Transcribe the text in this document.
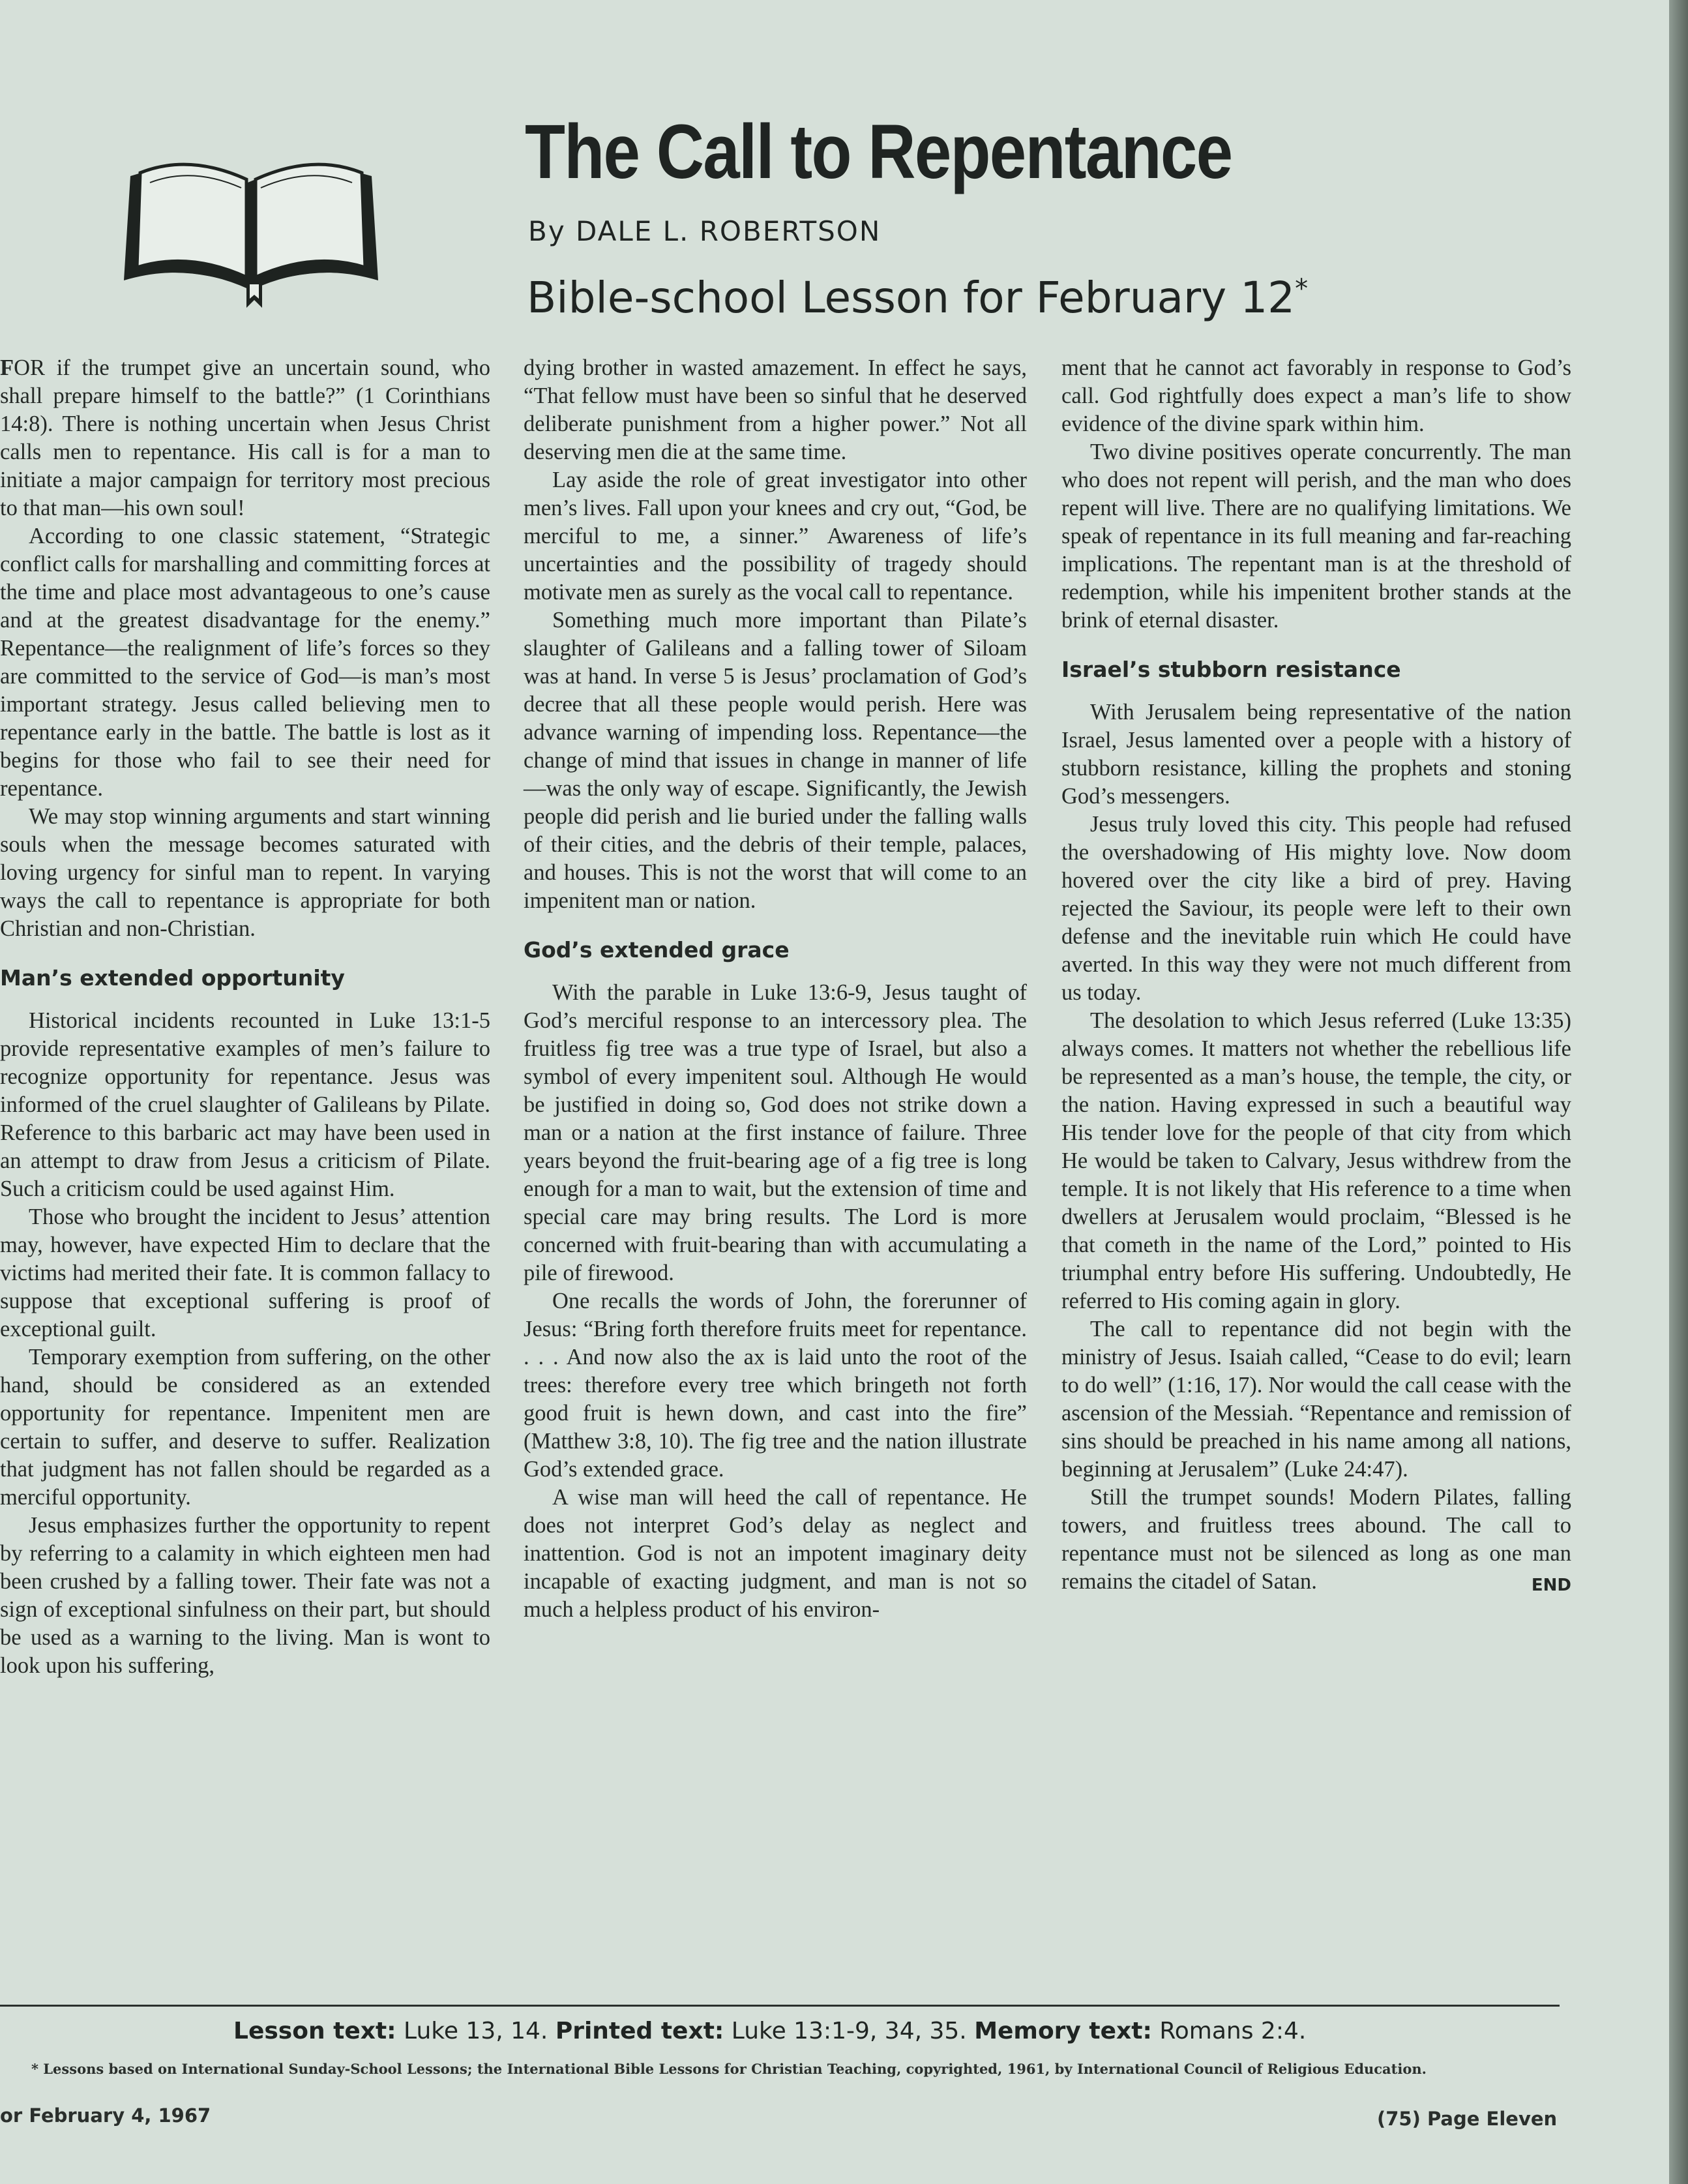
The Call to Repentance
By DALE L. ROBERTSON
Bible-school Lesson for February 12*

FOR if the trumpet give an uncertain sound, who shall prepare himself to the battle?” (1 Corinthians 14:8). There is nothing uncertain when Jesus Christ calls men to repentance. His call is for a man to initiate a major campaign for territory most precious to that man—his own soul!

According to one classic statement, “Strategic conflict calls for marshalling and committing forces at the time and place most advantageous to one’s cause and at the greatest disadvantage for the enemy.” Repentance—the realignment of life’s forces so they are committed to the service of God—is man’s most important strategy. Jesus called believing men to repentance early in the battle. The battle is lost as it begins for those who fail to see their need for repentance.

We may stop winning arguments and start winning souls when the message becomes saturated with loving urgency for sinful man to repent. In varying ways the call to repentance is appropriate for both Christian and non-Christian.

Man’s extended opportunity

Historical incidents recounted in Luke 13:1-5 provide representative examples of men’s failure to recognize opportunity for repentance. Jesus was informed of the cruel slaughter of Galileans by Pilate. Reference to this barbaric act may have been used in an attempt to draw from Jesus a criticism of Pilate. Such a criticism could be used against Him.

Those who brought the incident to Jesus’ attention may, however, have expected Him to declare that the victims had merited their fate. It is common fallacy to suppose that exceptional suffering is proof of exceptional guilt.

Temporary exemption from suffering, on the other hand, should be considered as an extended opportunity for repentance. Impenitent men are certain to suffer, and deserve to suffer. Realization that judgment has not fallen should be regarded as a merciful opportunity.

Jesus emphasizes further the opportunity to repent by referring to a calamity in which eighteen men had been crushed by a falling tower. Their fate was not a sign of exceptional sinfulness on their part, but should be used as a warning to the living. Man is wont to look upon his suffering,

dying brother in wasted amazement. In effect he says, “That fellow must have been so sinful that he deserved deliberate punishment from a higher power.” Not all deserving men die at the same time.

Lay aside the role of great investigator into other men’s lives. Fall upon your knees and cry out, “God, be merciful to me, a sinner.” Awareness of life’s uncertainties and the possibility of tragedy should motivate men as surely as the vocal call to repentance.

Something much more important than Pilate’s slaughter of Galileans and a falling tower of Siloam was at hand. In verse 5 is Jesus’ proclamation of God’s decree that all these people would perish. Here was advance warning of impending loss. Repentance—the change of mind that issues in change in manner of life—was the only way of escape. Significantly, the Jewish people did perish and lie buried under the falling walls of their cities, and the debris of their temple, palaces, and houses. This is not the worst that will come to an impenitent man or nation.

God’s extended grace

With the parable in Luke 13:6-9, Jesus taught of God’s merciful response to an intercessory plea. The fruitless fig tree was a true type of Israel, but also a symbol of every impenitent soul. Although He would be justified in doing so, God does not strike down a man or a nation at the first instance of failure. Three years beyond the fruit-bearing age of a fig tree is long enough for a man to wait, but the extension of time and special care may bring results. The Lord is more concerned with fruit-bearing than with accumulating a pile of firewood.

One recalls the words of John, the forerunner of Jesus: “Bring forth therefore fruits meet for repentance. . . . And now also the ax is laid unto the root of the trees: therefore every tree which bringeth not forth good fruit is hewn down, and cast into the fire” (Matthew 3:8, 10). The fig tree and the nation illustrate God’s extended grace.

A wise man will heed the call of repentance. He does not interpret God’s delay as neglect and inattention. God is not an impotent imaginary deity incapable of exacting judgment, and man is not so much a helpless product of his environ-

ment that he cannot act favorably in response to God’s call. God rightfully does expect a man’s life to show evidence of the divine spark within him.

Two divine positives operate concurrently. The man who does not repent will perish, and the man who does repent will live. There are no qualifying limitations. We speak of repentance in its full meaning and far-reaching implications. The repentant man is at the threshold of redemption, while his impenitent brother stands at the brink of eternal disaster.

Israel’s stubborn resistance

With Jerusalem being representative of the nation Israel, Jesus lamented over a people with a history of stubborn resistance, killing the prophets and stoning God’s messengers.

Jesus truly loved this city. This people had refused the overshadowing of His mighty love. Now doom hovered over the city like a bird of prey. Having rejected the Saviour, its people were left to their own defense and the inevitable ruin which He could have averted. In this way they were not much different from us today.

The desolation to which Jesus referred (Luke 13:35) always comes. It matters not whether the rebellious life be represented as a man’s house, the temple, the city, or the nation. Having expressed in such a beautiful way His tender love for the people of that city from which He would be taken to Calvary, Jesus withdrew from the temple. It is not likely that His reference to a time when dwellers at Jerusalem would proclaim, “Blessed is he that cometh in the name of the Lord,” pointed to His triumphal entry before His suffering. Undoubtedly, He referred to His coming again in glory.

The call to repentance did not begin with the ministry of Jesus. Isaiah called, “Cease to do evil; learn to do well” (1:16, 17). Nor would the call cease with the ascension of the Messiah. “Repentance and remission of sins should be preached in his name among all nations, beginning at Jerusalem” (Luke 24:47).

Still the trumpet sounds! Modern Pilates, falling towers, and fruitless trees abound. The call to repentance must not be silenced as long as one man remains the citadel of Satan.	END

Lesson text: Luke 13, 14. Printed text: Luke 13:1-9, 34, 35. Memory text: Romans 2:4.
* Lessons based on International Sunday-School Lessons; the International Bible Lessons for Christian Teaching, copyrighted, 1961, by International Council of Religious Education.
or February 4, 1967	(75) Page Eleven
